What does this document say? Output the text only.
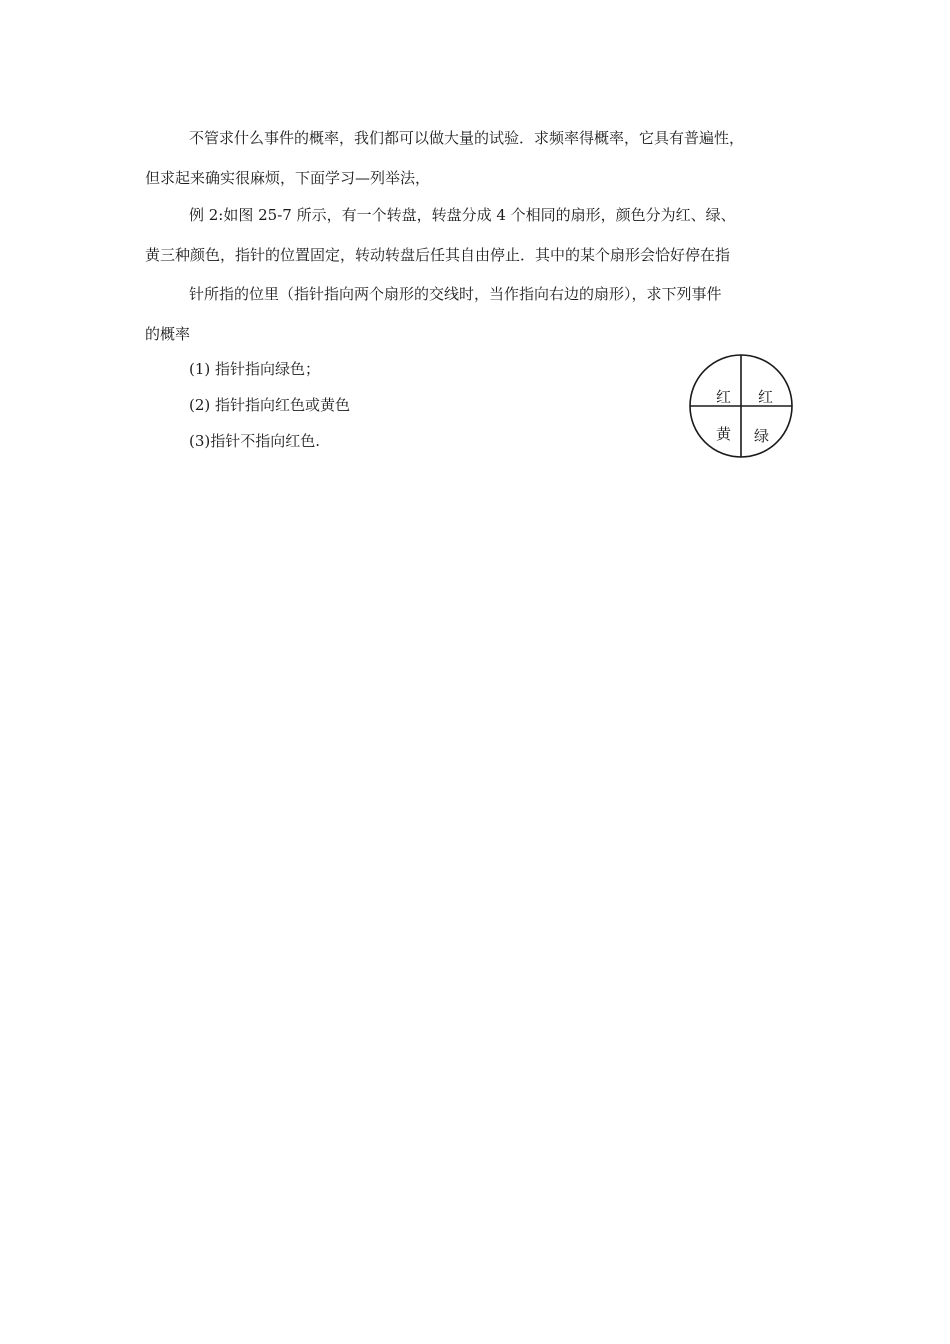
不管求什么事件的概率，我们都可以做大量的试验．求频率得概率，它具有普遍性，
但求起来确实很麻烦，下面学习—列举法，
例 2:如图 25-7 所示，有一个转盘，转盘分成 4 个相同的扇形，颜色分为红、绿、
黄三种颜色，指针的位置固定，转动转盘后任其自由停止．其中的某个扇形会恰好停在指
针所指的位里（指针指向两个扇形的交线时，当作指向右边的扇形），求下列事件
的概率
(1) 指针指向绿色；
(2) 指针指向红色或黄色
(3)指针不指向红色.
红 红
黄 绿
